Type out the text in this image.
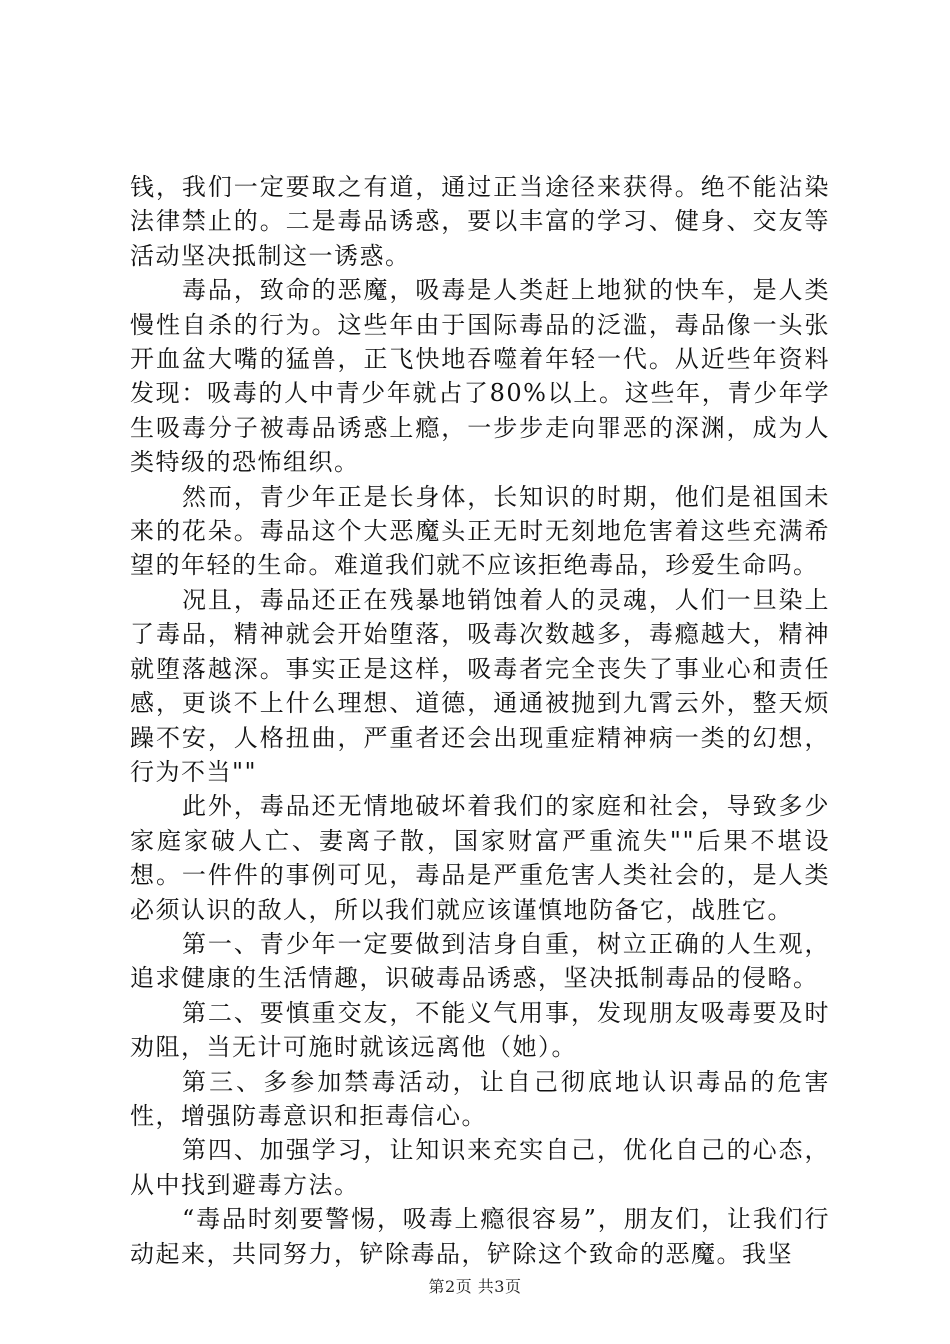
钱，我们一定要取之有道，通过正当途径来获得。绝不能沾染法律禁止的。二是毒品诱惑，要以丰富的学习、健身、交友等活动坚决抵制这一诱惑。

毒品，致命的恶魔，吸毒是人类赶上地狱的快车，是人类慢性自杀的行为。这些年由于国际毒品的泛滥，毒品像一头张开血盆大嘴的猛兽，正飞快地吞噬着年轻一代。从近些年资料发现：吸毒的人中青少年就占了80%以上。这些年，青少年学生吸毒分子被毒品诱惑上瘾，一步步走向罪恶的深渊，成为人类特级的恐怖组织。

然而，青少年正是长身体，长知识的时期，他们是祖国未来的花朵。毒品这个大恶魔头正无时无刻地危害着这些充满希望的年轻的生命。难道我们就不应该拒绝毒品，珍爱生命吗。

况且，毒品还正在残暴地销蚀着人的灵魂，人们一旦染上了毒品，精神就会开始堕落，吸毒次数越多，毒瘾越大，精神就堕落越深。事实正是这样，吸毒者完全丧失了事业心和责任感，更谈不上什么理想、道德，通通被抛到九霄云外，整天烦躁不安，人格扭曲，严重者还会出现重症精神病一类的幻想，行为不当""

此外，毒品还无情地破坏着我们的家庭和社会，导致多少家庭家破人亡、妻离子散，国家财富严重流失""后果不堪设想。一件件的事例可见，毒品是严重危害人类社会的，是人类必须认识的敌人，所以我们就应该谨慎地防备它，战胜它。

第一、青少年一定要做到洁身自重，树立正确的人生观，追求健康的生活情趣，识破毒品诱惑，坚决抵制毒品的侵略。

第二、要慎重交友，不能义气用事，发现朋友吸毒要及时劝阻，当无计可施时就该远离他（她）。

第三、多参加禁毒活动，让自己彻底地认识毒品的危害性，增强防毒意识和拒毒信心。

第四、加强学习，让知识来充实自己，优化自己的心态，从中找到避毒方法。

“毒品时刻要警惕，吸毒上瘾很容易”，朋友们，让我们行动起来，共同努力，铲除毒品，铲除这个致命的恶魔。我坚

第2页 共3页
